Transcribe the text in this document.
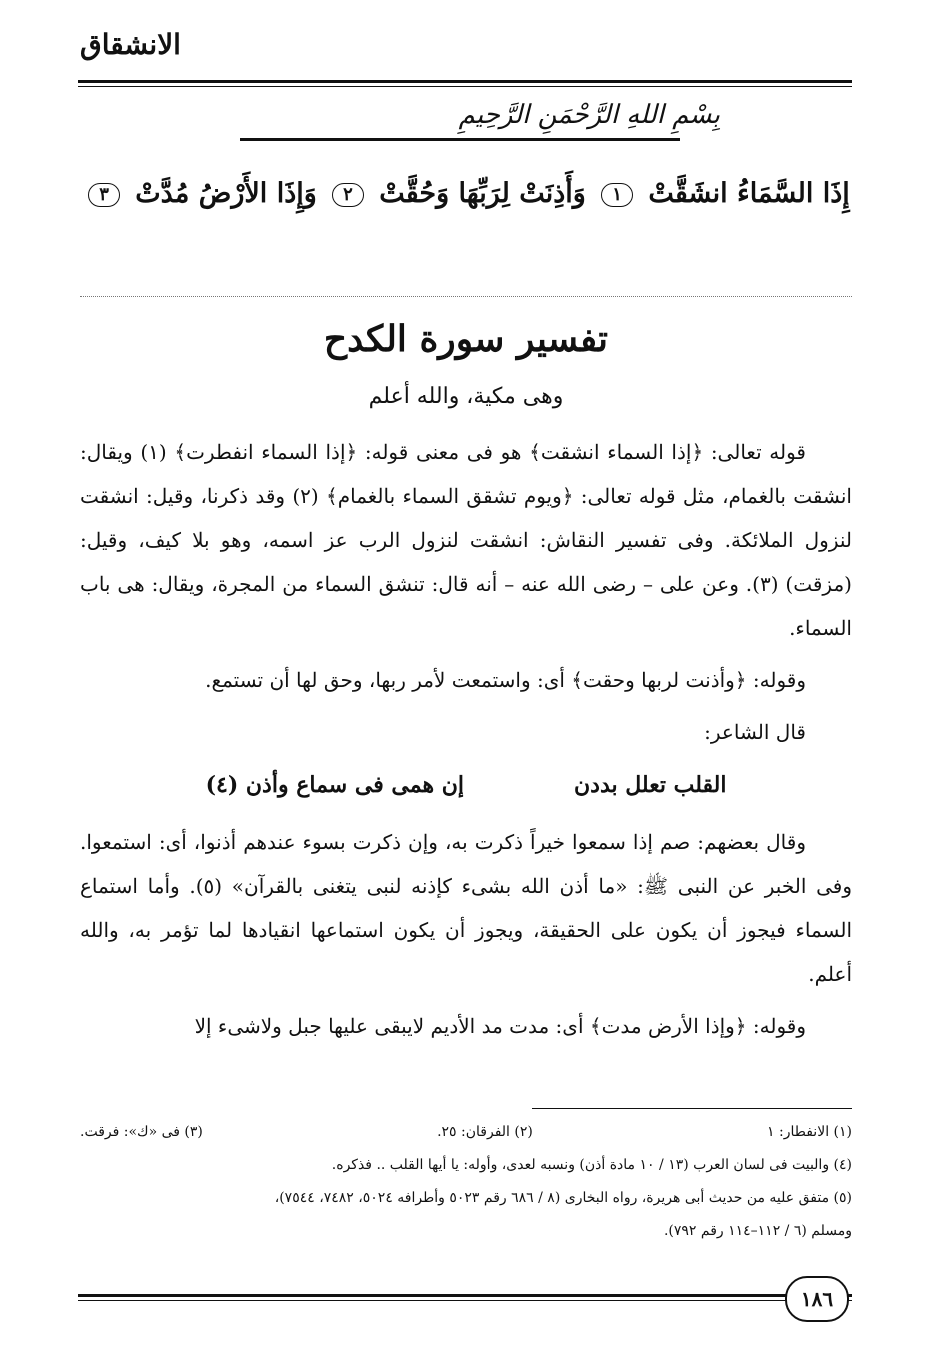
الانشقاق
بِسْمِ اللهِ الرَّحْمَنِ الرَّحِيمِ
إِذَا السَّمَاءُ انشَقَّتْ ١ وَأَذِنَتْ لِرَبِّهَا وَحُقَّتْ ٢ وَإِذَا الأَرْضُ مُدَّتْ ٣
تفسير سورة الكدح
وهى مكية، والله أعلم

قوله تعالى: ﴿إذا السماء انشقت﴾ هو فى معنى قوله: ﴿إذا السماء انفطرت﴾ (١) ويقال: انشقت بالغمام، مثل قوله تعالى: ﴿ويوم تشقق السماء بالغمام﴾ (٢) وقد ذكرنا، وقيل: انشقت لنزول الملائكة. وفى تفسير النقاش: انشقت لنزول الرب عز اسمه، وهو بلا كيف، وقيل: (مزقت) (٣). وعن على – رضى الله عنه – أنه قال: تنشق السماء من المجرة، ويقال: هى باب السماء.

وقوله: ﴿وأذنت لربها وحقت﴾ أى: واستمعت لأمر ربها، وحق لها أن تستمع.

قال الشاعر:

القلب تعلل بددن
إن همى فى سماع وأذن (٤)

وقال بعضهم: صم إذا سمعوا خيراً ذكرت به، وإن ذكرت بسوء عندهم أذنوا، أى: استمعوا. وفى الخبر عن النبى ﷺ: «ما أذن الله بشىء كإذنه لنبى يتغنى بالقرآن» (٥). وأما استماع السماء فيجوز أن يكون على الحقيقة، ويجوز أن يكون استماعها انقيادها لما تؤمر به، والله أعلم.

وقوله: ﴿وإذا الأرض مدت﴾ أى: مدت مد الأديم لايبقى عليها جبل ولاشىء إلا

(١) الانفطار: ١
(٢) الفرقان: ٢٥.
(٣) فى «ك»: فرقت.
(٤) والبيت فى لسان العرب (١٣ / ١٠ مادة أذن) ونسبه لعدى، وأوله: يا أيها القلب .. فذكره.
(٥) متفق عليه من حديث أبى هريرة، رواه البخارى (٨ / ٦٨٦ رقم ٥٠٢٣ وأطرافه ٥٠٢٤، ٧٤٨٢، ٧٥٤٤)،
ومسلم (٦ / ١١٢–١١٤ رقم ٧٩٢).
١٨٦
